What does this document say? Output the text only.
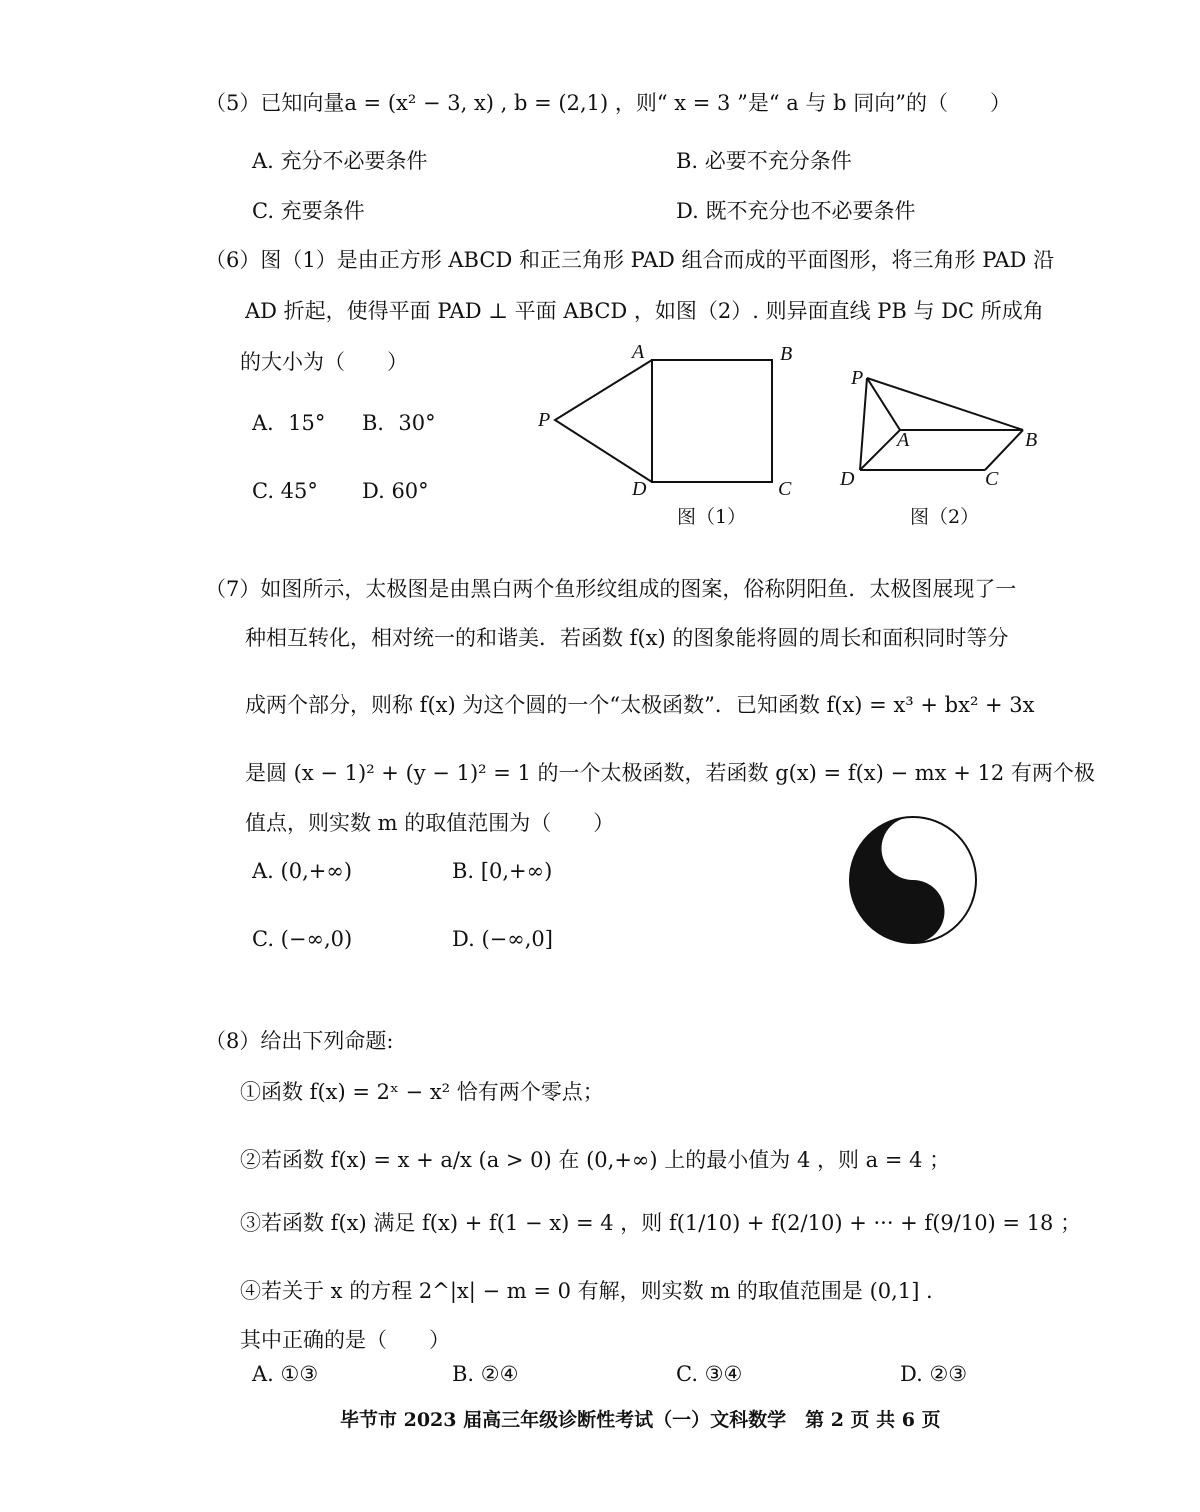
（5）已知向量a = (x² − 3, x) , b = (2,1) ，则“ x = 3 ”是“ a 与 b 同向”的（　　）
A. 充分不必要条件	B. 必要不充分条件
C. 充要条件	D. 既不充分也不必要条件
（6）图（1）是由正方形 ABCD 和正三角形 PAD 组合而成的平面图形，将三角形 PAD 沿
AD 折起，使得平面 PAD ⊥ 平面 ABCD ，如图（2）. 则异面直线 PB 与 DC 所成角
的大小为（　　）
A．15° B．30°
C. 45° D. 60°
A	B
C
D
P
图（1）
P
A	B
C
D
图（2）
（7）如图所示，太极图是由黑白两个鱼形纹组成的图案，俗称阴阳鱼．太极图展现了一
种相互转化，相对统一的和谐美．若函数 f(x) 的图象能将圆的周长和面积同时等分
成两个部分，则称 f(x) 为这个圆的一个“太极函数”．已知函数 f(x) = x³ + bx² + 3x
是圆 (x − 1)² + (y − 1)² = 1 的一个太极函数，若函数 g(x) = f(x) − mx + 12 有两个极
值点，则实数 m 的取值范围为（　　）
A. (0,+∞)	B. [0,+∞)
C. (−∞,0)	D. (−∞,0]
（8）给出下列命题:
①函数 f(x) = 2ˣ − x² 恰有两个零点；
②若函数 f(x) = x + a/x (a > 0) 在 (0,+∞) 上的最小值为 4 ，则 a = 4 ；
③若函数 f(x) 满足 f(x) + f(1 − x) = 4 ，则 f(1/10) + f(2/10) + ··· + f(9/10) = 18 ；
④若关于 x 的方程 2^|x| − m = 0 有解，则实数 m 的取值范围是 (0,1] .
其中正确的是（　　）
A. ①③	B. ②④	C. ③④	D. ②③
毕节市 2023 届高三年级诊断性考试（一）文科数学　第 2 页 共 6 页
